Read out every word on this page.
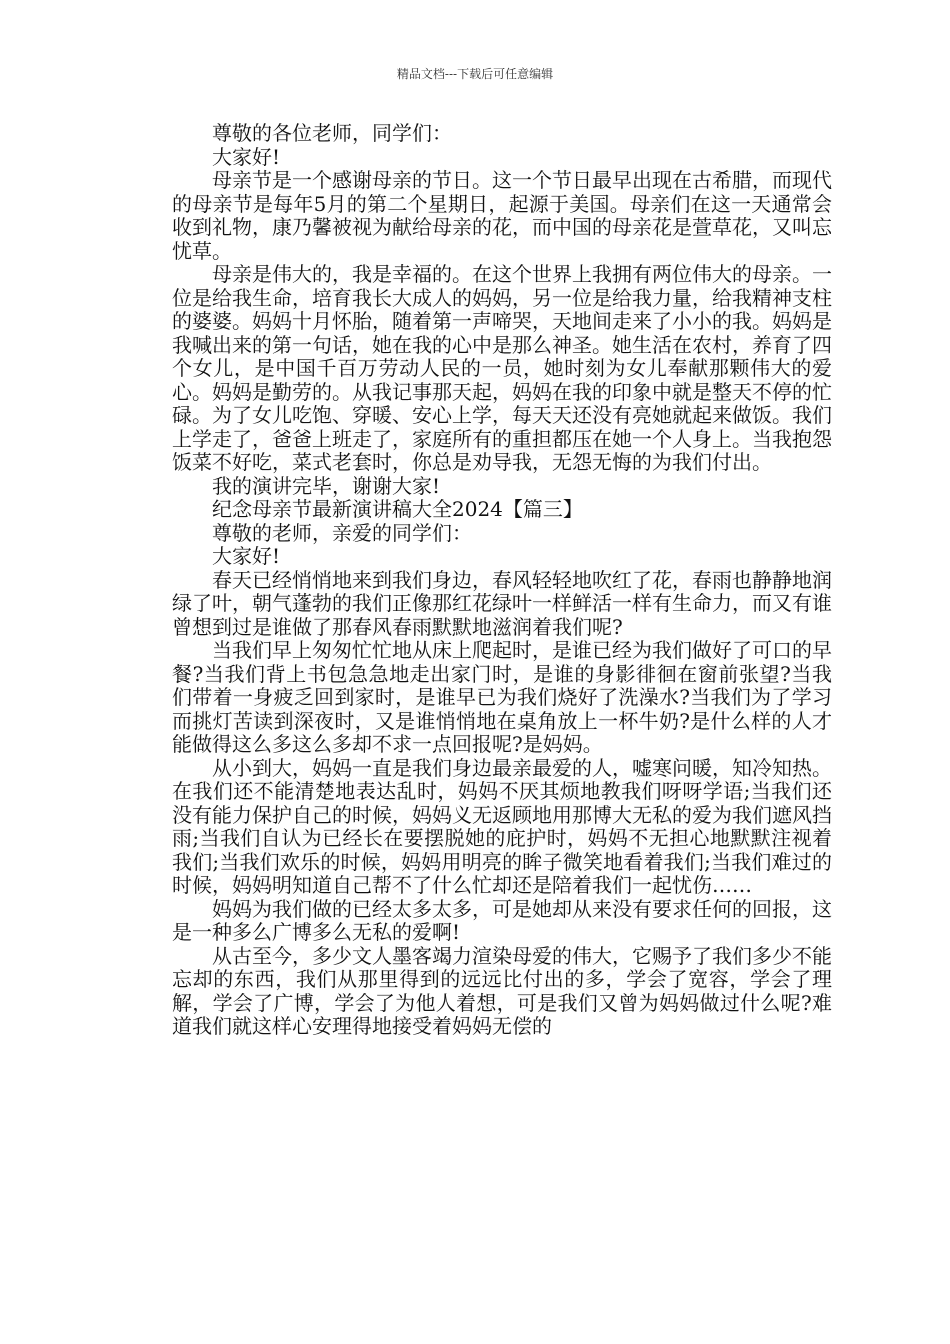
精品文档---下载后可任意编辑

尊敬的各位老师，同学们：

大家好!

母亲节是一个感谢母亲的节日。这一个节日最早出现在古希腊，而现代的母亲节是每年5月的第二个星期日，起源于美国。母亲们在这一天通常会收到礼物，康乃馨被视为献给母亲的花，而中国的母亲花是萱草花，又叫忘忧草。

母亲是伟大的，我是幸福的。在这个世界上我拥有两位伟大的母亲。一位是给我生命，培育我长大成人的妈妈，另一位是给我力量，给我精神支柱的婆婆。妈妈十月怀胎，随着第一声啼哭，天地间走来了小小的我。妈妈是我喊出来的第一句话，她在我的心中是那么神圣。她生活在农村，养育了四个女儿，是中国千百万劳动人民的一员，她时刻为女儿奉献那颗伟大的爱心。妈妈是勤劳的。从我记事那天起，妈妈在我的印象中就是整天不停的忙碌。为了女儿吃饱、穿暖、安心上学，每天天还没有亮她就起来做饭。我们上学走了，爸爸上班走了，家庭所有的重担都压在她一个人身上。当我抱怨饭菜不好吃，菜式老套时，你总是劝导我，无怨无悔的为我们付出。

我的演讲完毕，谢谢大家!

纪念母亲节最新演讲稿大全2024【篇三】

尊敬的老师，亲爱的同学们：

大家好!

春天已经悄悄地来到我们身边，春风轻轻地吹红了花，春雨也静静地润绿了叶，朝气蓬勃的我们正像那红花绿叶一样鲜活一样有生命力，而又有谁曾想到过是谁做了那春风春雨默默地滋润着我们呢?

当我们早上匆匆忙忙地从床上爬起时，是谁已经为我们做好了可口的早餐?当我们背上书包急急地走出家门时，是谁的身影徘徊在窗前张望?当我们带着一身疲乏回到家时，是谁早已为我们烧好了洗澡水?当我们为了学习而挑灯苦读到深夜时，又是谁悄悄地在桌角放上一杯牛奶?是什么样的人才能做得这么多这么多却不求一点回报呢?是妈妈。

从小到大，妈妈一直是我们身边最亲最爱的人，嘘寒问暖，知冷知热。在我们还不能清楚地表达乱时，妈妈不厌其烦地教我们呀呀学语;当我们还没有能力保护自己的时候，妈妈义无返顾地用那博大无私的爱为我们遮风挡雨;当我们自认为已经长在要摆脱她的庇护时，妈妈不无担心地默默注视着我们;当我们欢乐的时候，妈妈用明亮的眸子微笑地看着我们;当我们难过的时候，妈妈明知道自己帮不了什么忙却还是陪着我们一起忧伤……

妈妈为我们做的已经太多太多，可是她却从来没有要求任何的回报，这是一种多么广博多么无私的爱啊!

从古至今，多少文人墨客竭力渲染母爱的伟大，它赐予了我们多少不能忘却的东西，我们从那里得到的远远比付出的多，学会了宽容，学会了理解，学会了广博，学会了为他人着想，可是我们又曾为妈妈做过什么呢?难道我们就这样心安理得地接受着妈妈无偿的
